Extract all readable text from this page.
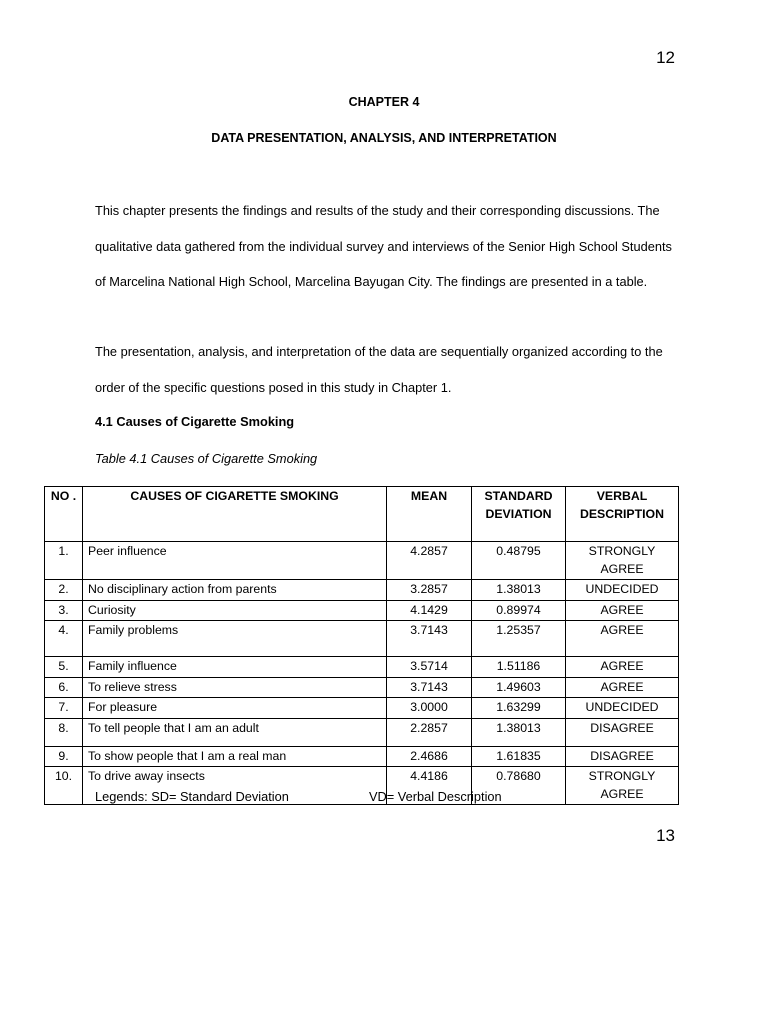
12
CHAPTER 4
DATA PRESENTATION, ANALYSIS, AND INTERPRETATION

This chapter presents the findings and results of the study and their corresponding discussions. The qualitative data gathered from the individual survey and interviews of the Senior High School Students of Marcelina National High School, Marcelina Bayugan City. The findings are presented in a table.

The presentation, analysis, and interpretation of the data are sequentially organized according to the order of the specific questions posed in this study in Chapter 1.

4.1 Causes of Cigarette Smoking
Table 4.1 Causes of Cigarette Smoking
NO .	CAUSES OF CIGARETTE SMOKING	MEAN	STANDARD DEVIATION	VERBAL DESCRIPTION
1.	Peer influence	4.2857	0.48795	STRONGLY AGREE
2.	No disciplinary action from parents	3.2857	1.38013	UNDECIDED
3.	Curiosity	4.1429	0.89974	AGREE
4.	Family problems	3.7143	1.25357	AGREE
5.	Family influence	3.5714	1.51186	AGREE
6.	To relieve stress	3.7143	1.49603	AGREE
7.	For pleasure	3.0000	1.63299	UNDECIDED
8.	To tell people that I am an adult	2.2857	1.38013	DISAGREE
9.	To show people that I am a real man	2.4686	1.61835	DISAGREE
10.	To drive away insects	4.4186	0.78680	STRONGLY AGREE
Legends: SD= Standard Deviation	VD= Verbal Description
13
